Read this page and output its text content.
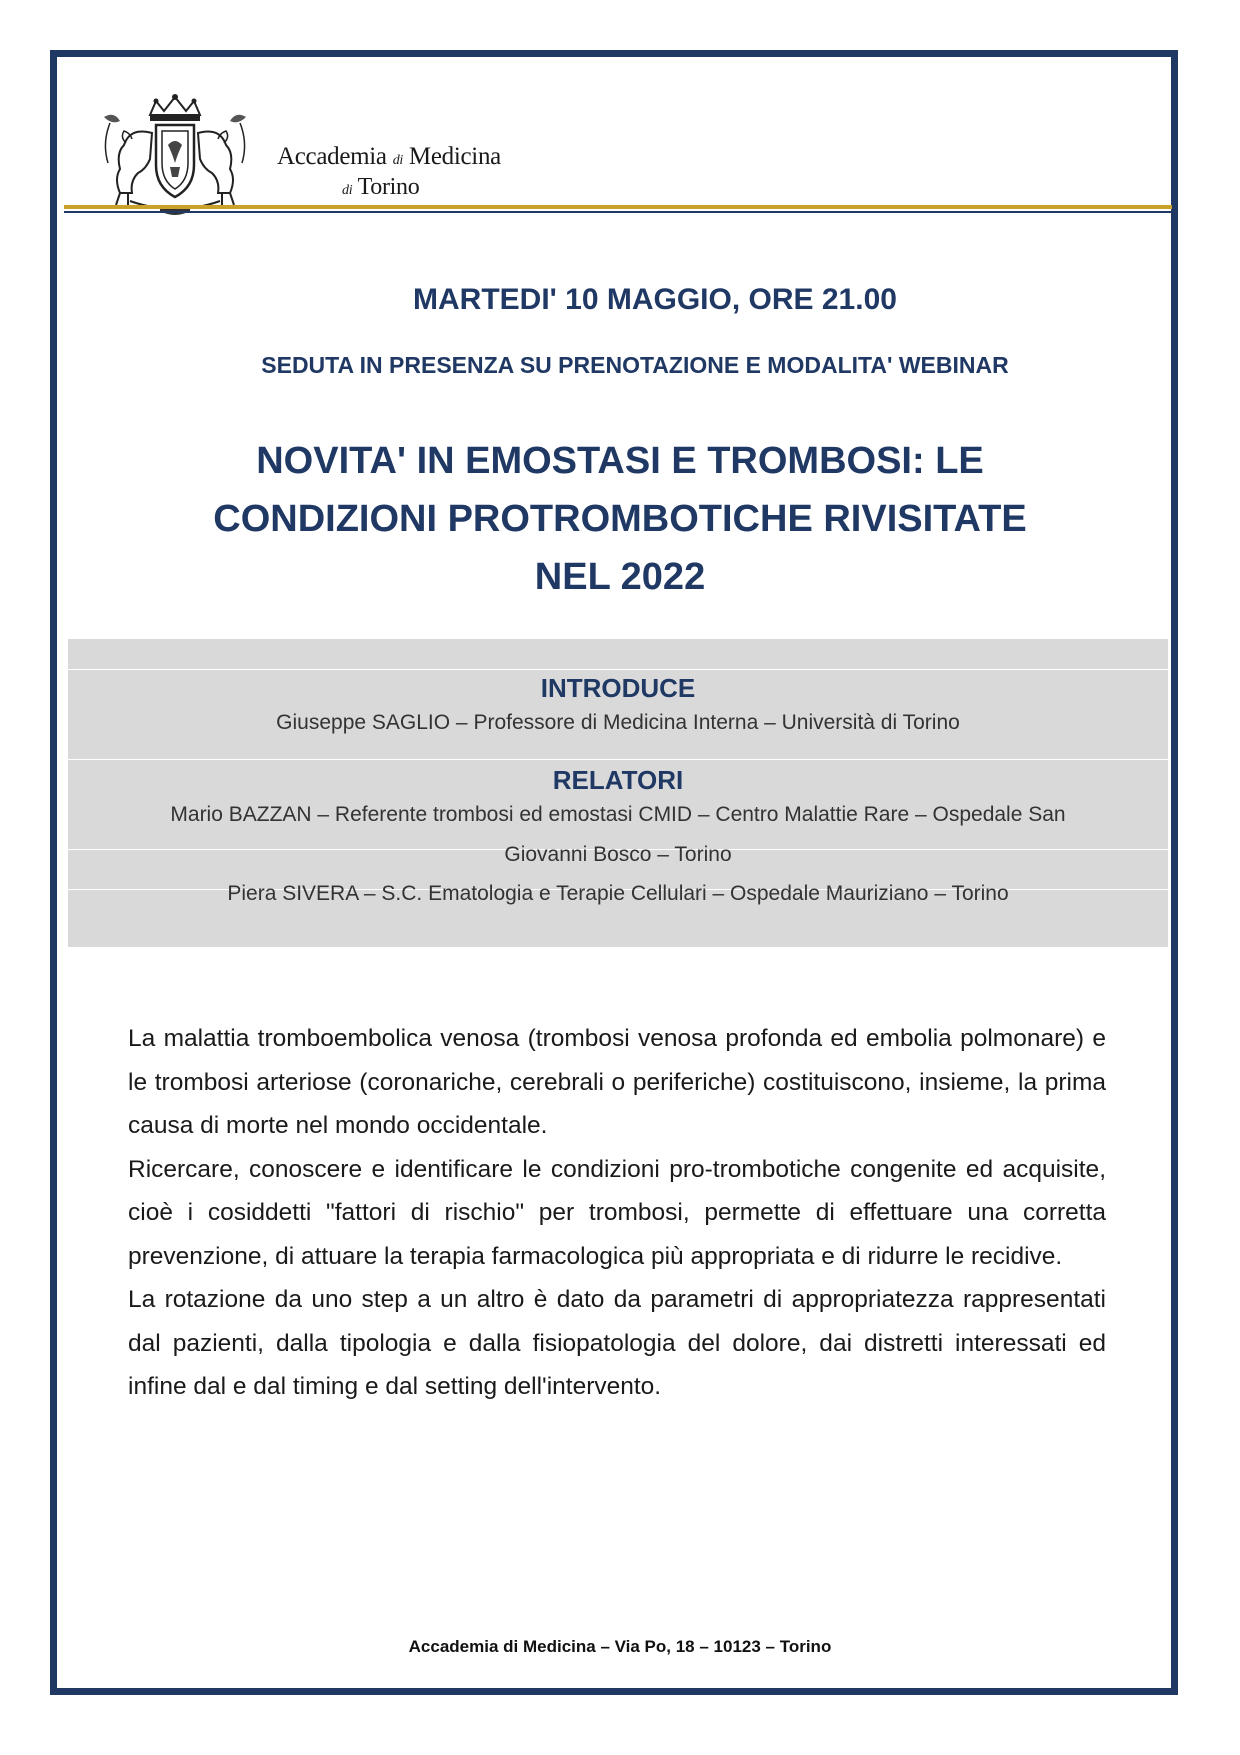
Accademia di Medicina
di Torino
MARTEDI' 10 MAGGIO, ORE 21.00
SEDUTA IN PRESENZA SU PRENOTAZIONE E MODALITA' WEBINAR
NOVITA' IN EMOSTASI E TROMBOSI: LE
CONDIZIONI PROTROMBOTICHE RIVISITATE
NEL 2022
INTRODUCE
Giuseppe SAGLIO – Professore di Medicina Interna – Università di Torino
RELATORI
Mario BAZZAN – Referente trombosi ed emostasi CMID – Centro Malattie Rare – Ospedale San
Giovanni Bosco – Torino
Piera SIVERA – S.C. Ematologia e Terapie Cellulari – Ospedale Mauriziano – Torino

La malattia tromboembolica venosa (trombosi venosa profonda ed embolia polmonare) e le trombosi arteriose (coronariche, cerebrali o periferiche) costituiscono, insieme, la prima causa di morte nel mondo occidentale.

Ricercare, conoscere e identificare le condizioni pro-trombotiche congenite ed acquisite, cioè i cosiddetti "fattori di rischio" per trombosi, permette di effettuare una corretta prevenzione, di attuare la terapia farmacologica più appropriata e di ridurre le recidive.

La rotazione da uno step a un altro è dato da parametri di appropriatezza rappresentati dal pazienti, dalla tipologia e dalla fisiopatologia del dolore, dai distretti interessati ed infine dal e dal timing e dal setting dell'intervento.

Accademia di Medicina – Via Po, 18 – 10123 – Torino
